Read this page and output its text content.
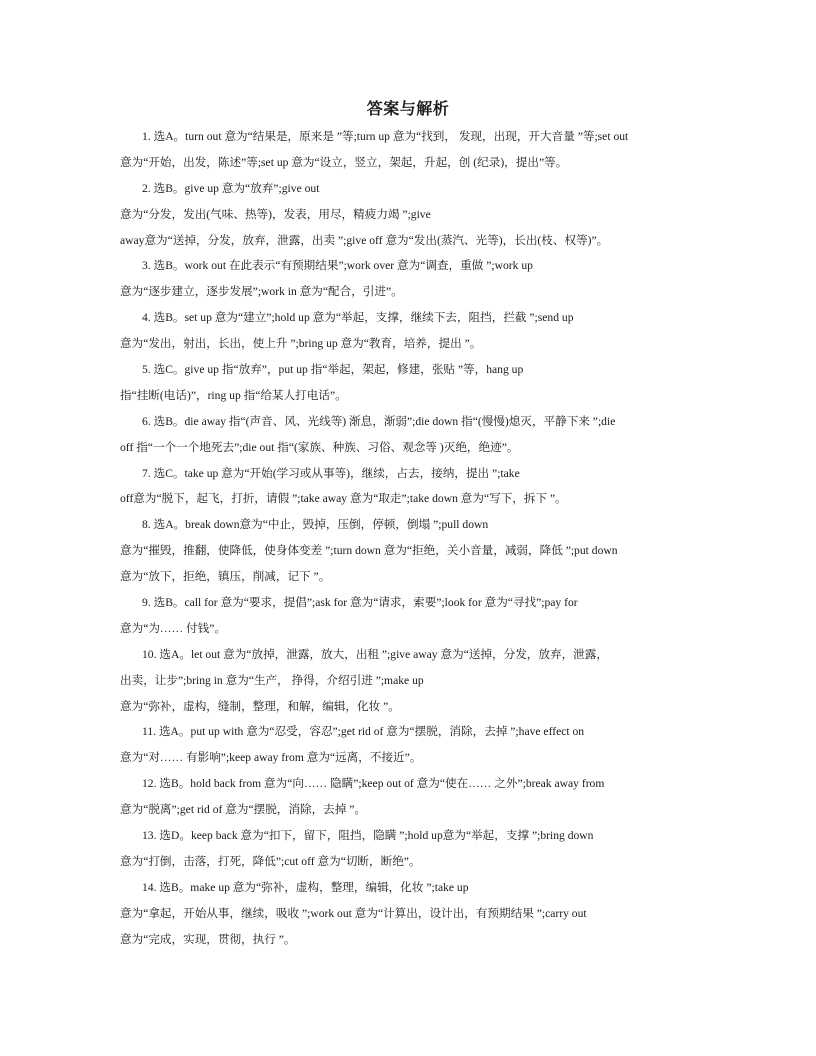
答案与解析
1. 选A。turn out 意为“结果是，原来是 ”等;turn up 意为“找到， 发现，出现，开大音量 ”等;set out
意为“开始，出发，陈述”等;set up 意为“设立，竖立，架起，升起，创 (纪录)，提出”等。
2. 选B。give up 意为“放弃”;give out
意为“分发，发出(气味、热等)，发表，用尽，精疲力竭 ”;give
away意为“送掉，分发，放弃，泄露，出卖 ”;give off 意为“发出(蒸汽、光等)，长出(枝、权等)”。
3. 选B。work out 在此表示“有预期结果”;work over 意为“调查，重做 ”;work up
意为“逐步建立，逐步发展”;work in 意为“配合，引进”。
4. 选B。set up 意为“建立”;hold up 意为“举起，支撑，继续下去，阻挡，拦截 ”;send up
意为“发出，射出，长出，使上升 ”;bring up 意为“教育，培养，提出 ”。
5. 选C。give up 指“放弃”，put up 指“举起，架起，修建，张贴 ”等，hang up
指“挂断(电话)”，ring up 指“给某人打电话”。
6. 选B。die away 指“(声音、风、光线等) 渐息，渐弱”;die down 指“(慢慢)熄灭，平静下来 ”;die
off 指“一个一个地死去”;die out 指“(家族、种族、习俗、观念等 )灭绝，绝迹”。
7. 选C。take up 意为“开始(学习或从事等)，继续，占去，接纳，提出 ”;take
off意为“脱下，起飞，打折，请假 ”;take away 意为“取走”;take down 意为“写下，拆下 ”。
8. 选A。break down意为“中止，毁掉，压倒，停顿，倒塌 ”;pull down
意为“摧毁，推翻，使降低，使身体变差 ”;turn down 意为“拒绝，关小音量，减弱，降低 ”;put down
意为“放下，拒绝，镇压，削减，记下 ”。
9. 选B。call for 意为“要求，提倡”;ask for 意为“请求，索要”;look for 意为“寻找”;pay for
意为“为…… 付钱”。
10. 选A。let out 意为“放掉，泄露，放大，出租 ”;give away 意为“送掉，分发，放弃，泄露，
出卖，让步”;bring in 意为“生产， 挣得，介绍引进 ”;make up
意为“弥补，虚构，缝制，整理，和解，编辑，化妆 ”。
11. 选A。put up with 意为“忍受，容忍”;get rid of 意为“摆脱，消除，去掉 ”;have effect on
意为“对…… 有影响”;keep away from 意为“远离，不接近”。
12. 选B。hold back from 意为“向…… 隐瞒”;keep out of 意为“使在…… 之外”;break away from
意为“脱离”;get rid of 意为“摆脱，消除，去掉 ”。
13. 选D。keep back 意为“扣下，留下，阻挡，隐瞒 ”;hold up意为“举起，支撑 ”;bring down
意为“打倒，击落，打死，降低”;cut off 意为“切断，断绝”。
14. 选B。make up 意为“弥补，虚构，整理，编辑，化妆 ”;take up
意为“拿起，开始从事，继续，吸收 ”;work out 意为“计算出，设计出，有预期结果 ”;carry out
意为“完成，实现，贯彻，执行 ”。
